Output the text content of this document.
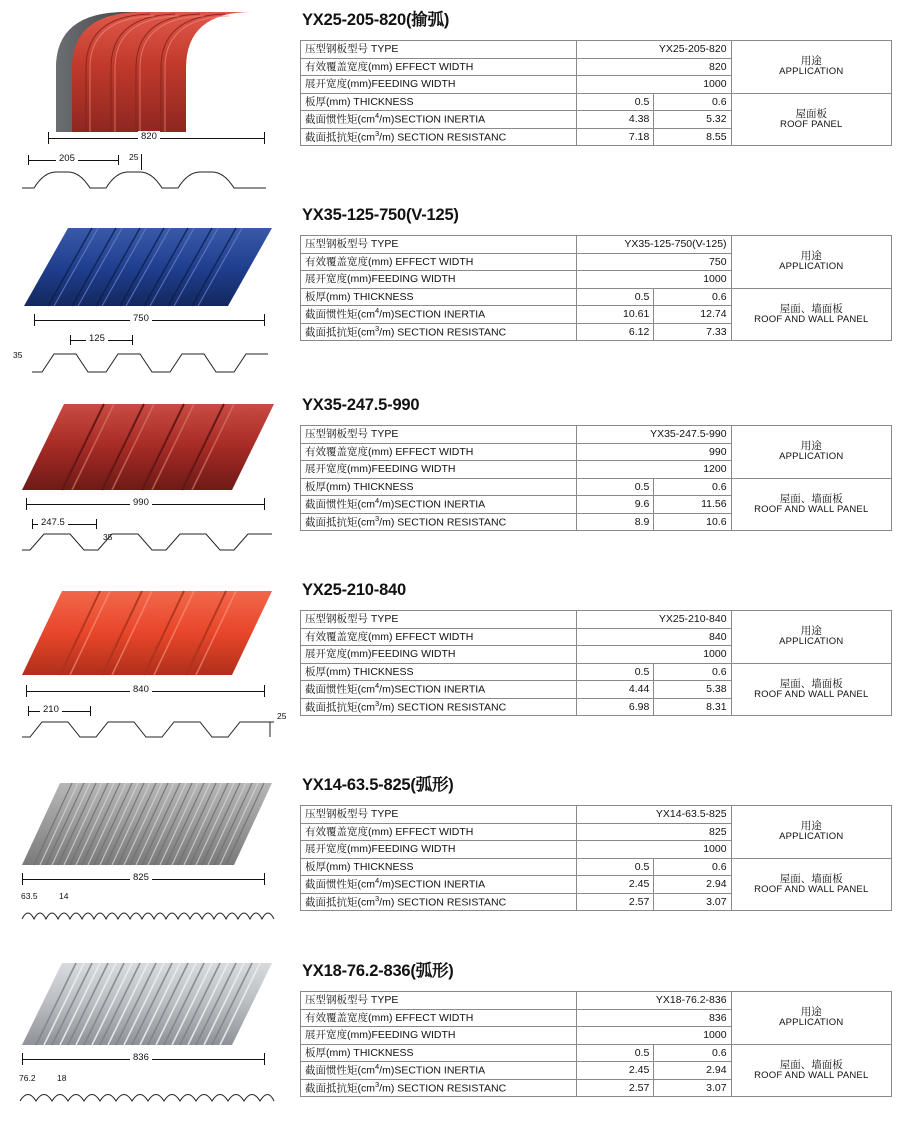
820
205	25
YX25-205-820(揄弧)
压型钢板型号 TYPE	YX25-205-820		用途
APPLICATION

有效覆盖宽度(mm) EFFECT WIDTH	820		
展开宽度(mm)FEEDING WIDTH	1000		
板厚(mm) THICKNESS	0.5	0.6	屋面板
ROOF PANEL

截面惯性矩$(cm^4/m)SECTION$ INERTIA	4.38	5.32	
截面抵抗矩$(cm^3/m)$ SECTION RESISTANC	7.18	8.55	
750
125
35
YX35-125-750(V-125)
压型钢板型号 TYPE	YX35-125-750(V-125)		用途
APPLICATION

有效覆盖宽度(mm) EFFECT WIDTH	750		
展开宽度(mm)FEEDING WIDTH	1000		
板厚(mm) THICKNESS	0.5	0.6	屋面、墙面板
ROOF AND WALL PANEL

截面惯性矩$(cm^4/m)SECTION$ INERTIA	10.61	12.74	
截面抵抗矩$(cm^3/m)$ SECTION RESISTANC	6.12	7.33	
990
247.5
35
YX35-247.5-990
压型钢板型号 TYPE	YX35-247.5-990		用途
APPLICATION

有效覆盖宽度(mm) EFFECT WIDTH	990		
展开宽度(mm)FEEDING WIDTH	1200		
板厚(mm) THICKNESS	0.5	0.6	屋面、墙面板
ROOF AND WALL PANEL

截面惯性矩$(cm^4/m)SECTION$ INERTIA	9.6	11.56	
截面抵抗矩$(cm^3/m)$ SECTION RESISTANC	8.9	10.6	
840
210
25
YX25-210-840
压型钢板型号 TYPE	YX25-210-840		用途
APPLICATION

有效覆盖宽度(mm) EFFECT WIDTH	840		
展开宽度(mm)FEEDING WIDTH	1000		
板厚(mm) THICKNESS	0.5	0.6	屋面、墙面板
ROOF AND WALL PANEL

截面惯性矩$(cm^4/m)SECTION$ INERTIA	4.44	5.38	
截面抵抗矩$(cm^3/m)$ SECTION RESISTANC	6.98	8.31	
825
63.5	14
YX14-63.5-825(弧形)
压型钢板型号 TYPE	YX14-63.5-825		用途
APPLICATION

有效覆盖宽度(mm) EFFECT WIDTH	825		
展开宽度(mm)FEEDING WIDTH	1000		
板厚(mm) THICKNESS	0.5	0.6	屋面、墙面板
ROOF AND WALL PANEL

截面惯性矩$(cm^4/m)SECTION$ INERTIA	2.45	2.94	
截面抵抗矩$(cm^3/m)$ SECTION RESISTANC	2.57	3.07	
836
76.2	18
YX18-76.2-836(弧形)
压型钢板型号 TYPE	YX18-76.2-836		用途
APPLICATION

有效覆盖宽度(mm) EFFECT WIDTH	836		
展开宽度(mm)FEEDING WIDTH	1000		
板厚(mm) THICKNESS	0.5	0.6	屋面、墙面板
ROOF AND WALL PANEL

截面惯性矩$(cm^4/m)SECTION$ INERTIA	2.45	2.94	
截面抵抗矩$(cm^3/m)$ SECTION RESISTANC	2.57	3.07	
